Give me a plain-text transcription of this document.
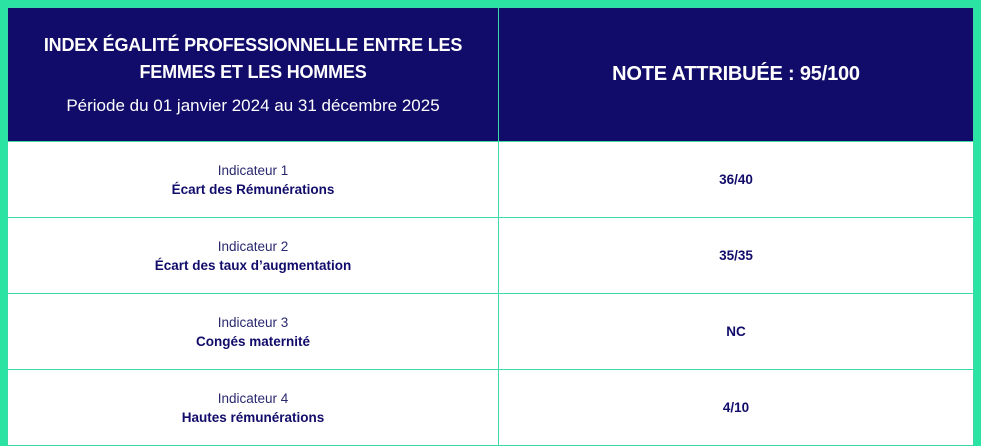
INDEX ÉGALITÉ PROFESSIONNELLE ENTRE LES FEMMES ET LES HOMMES
Période du 01 janvier 2024 au 31 décembre 2025	NOTE ATTRIBUÉE : 95/100

Indicateur 1
Écart des Rémunérations	36/40

Indicateur 2
Écart des taux d’augmentation	35/35

Indicateur 3
Congés maternité	NC

Indicateur 4
Hautes rémunérations	4/10
